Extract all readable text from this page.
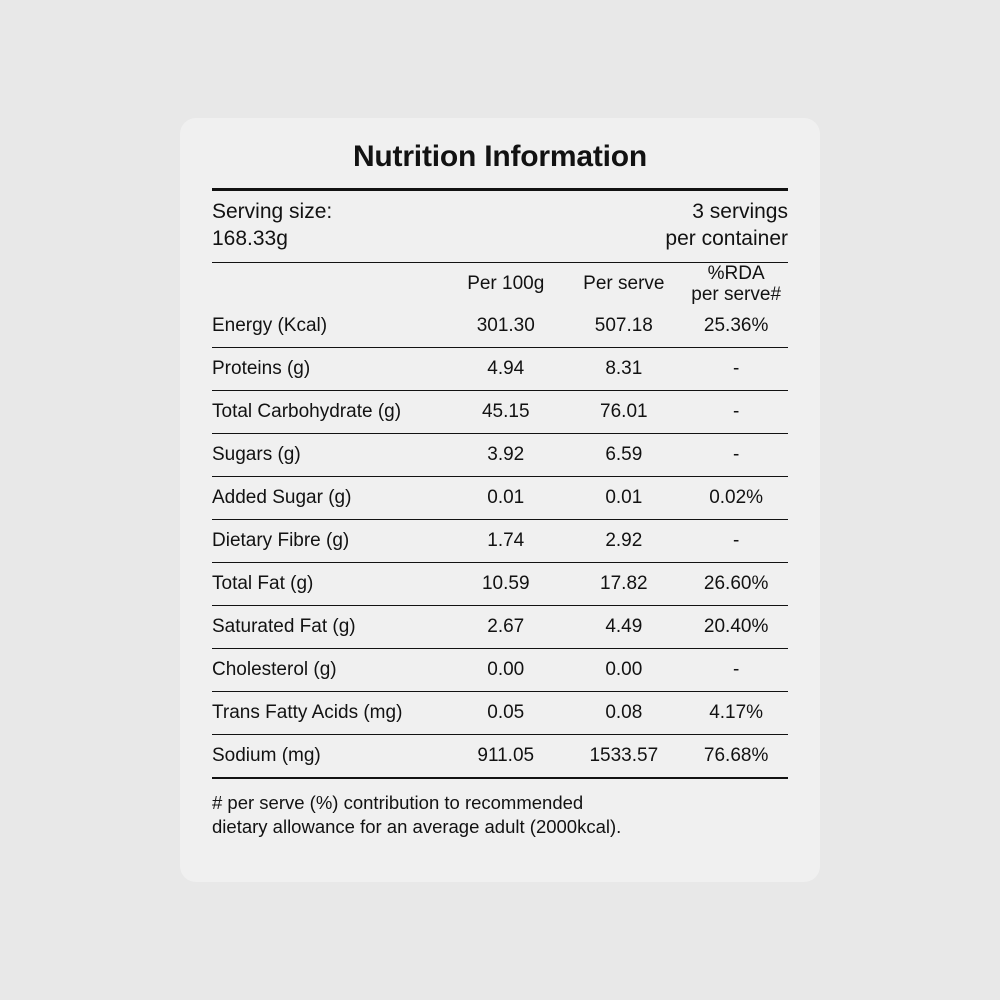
Nutrition Information
Serving size:
168.33g
3 servings
per container
	Per 100g	Per serve	%RDA
per serve#

Energy (Kcal)	301.30	507.18	25.36%
Proteins (g)	4.94	8.31	-
Total Carbohydrate (g)	45.15	76.01	-
Sugars (g)	3.92	6.59	-
Added Sugar (g)	0.01	0.01	0.02%
Dietary Fibre (g)	1.74	2.92	-
Total Fat (g)	10.59	17.82	26.60%
Saturated Fat (g)	2.67	4.49	20.40%
Cholesterol (g)	0.00	0.00	-
Trans Fatty Acids (mg)	0.05	0.08	4.17%
Sodium (mg)	911.05	1533.57	76.68%
# per serve (%) contribution to recommended
dietary allowance for an average adult (2000kcal).
